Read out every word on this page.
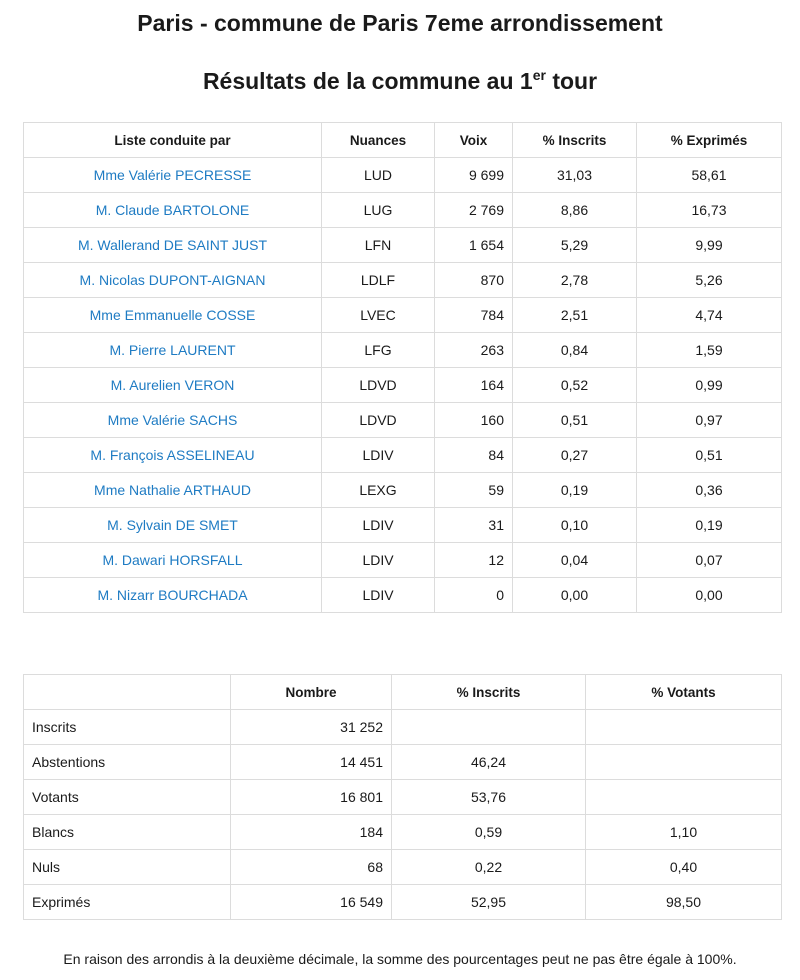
Paris - commune de Paris 7eme arrondissement
Résultats de la commune au 1er tour
Liste conduite par	Nuances	Voix	% Inscrits	% Exprimés
Mme Valérie PECRESSE	LUD	9 699	31,03	58,61
M. Claude BARTOLONE	LUG	2 769	8,86	16,73
M. Wallerand DE SAINT JUST	LFN	1 654	5,29	9,99
M. Nicolas DUPONT-AIGNAN	LDLF	870	2,78	5,26
Mme Emmanuelle COSSE	LVEC	784	2,51	4,74
M. Pierre LAURENT	LFG	263	0,84	1,59
M. Aurelien VERON	LDVD	164	0,52	0,99
Mme Valérie SACHS	LDVD	160	0,51	0,97
M. François ASSELINEAU	LDIV	84	0,27	0,51
Mme Nathalie ARTHAUD	LEXG	59	0,19	0,36
M. Sylvain DE SMET	LDIV	31	0,10	0,19
M. Dawari HORSFALL	LDIV	12	0,04	0,07
M. Nizarr BOURCHADA	LDIV	0	0,00	0,00
	Nombre	% Inscrits	% Votants
Inscrits	31 252		
Abstentions	14 451	46,24	
Votants	16 801	53,76	
Blancs	184	0,59	1,10
Nuls	68	0,22	0,40
Exprimés	16 549	52,95	98,50
En raison des arrondis à la deuxième décimale, la somme des pourcentages peut ne pas être égale à 100%.
